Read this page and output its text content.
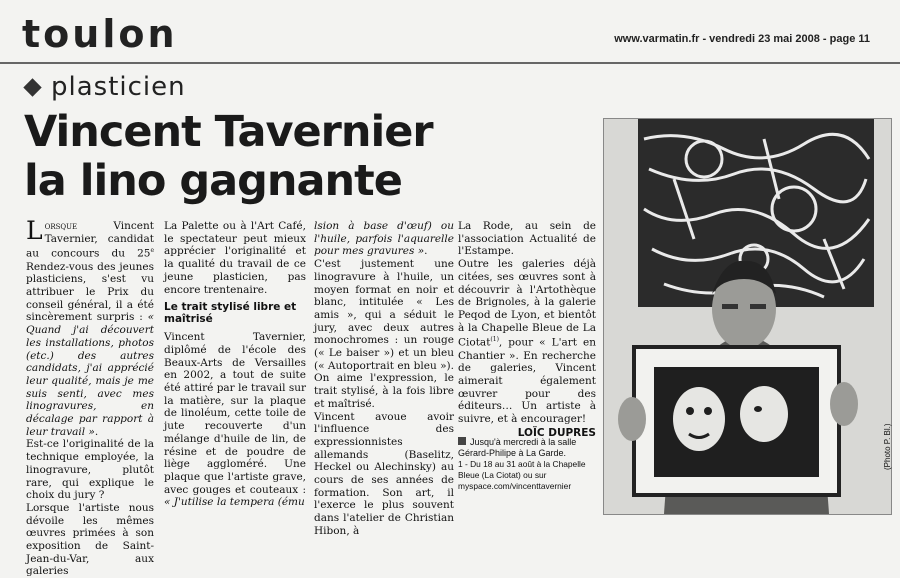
toulon	www.varmatin.fr - vendredi 23 mai 2008 - page 11
plasticien
Vincent Tavernier
la lino gagnante

Lorsque Vincent Tavernier, candidat au concours du 25e Rendez-vous des jeunes plasticiens, s'est vu attribuer le Prix du conseil général, il a été sincèrement surpris : « Quand j'ai découvert les installations, photos (etc.) des autres candidats, j'ai apprécié leur qualité, mais je me suis senti, avec mes linogravures, en décalage par rapport à leur travail ».

Est-ce l'originalité de la technique employée, la linogravure, plutôt rare, qui explique le choix du jury ?

Lorsque l'artiste nous dévoile les mêmes œuvres primées à son exposition de Saint-Jean-du-Var, aux galeries

La Palette ou à l'Art Café, le spectateur peut mieux apprécier l'originalité et la qualité du travail de ce jeune plasticien, pas encore trentenaire.

Le trait stylisé libre et maîtrisé

Vincent Tavernier, diplômé de l'école des Beaux-Arts de Versailles en 2002, a tout de suite été attiré par le travail sur la matière, sur la plaque de linoléum, cette toile de jute recouverte d'un mélange d'huile de lin, de résine et de poudre de liège aggloméré. Une plaque que l'artiste grave, avec gouges et couteaux : « J'utilise la tempera (ému

lsion à base d'œuf) ou l'huile, parfois l'aquarelle pour mes gravures ».

C'est justement une linogravure à l'huile, un moyen format en noir et blanc, intitulée « Les amis », qui a séduit le jury, avec deux autres monochromes : un rouge (« Le baiser ») et un bleu (« Autoportrait en bleu »). On aime l'expression, le trait stylisé, à la fois libre et maîtrisé.

Vincent avoue avoir l'influence des expressionnistes allemands (Baselitz, Heckel ou Alechinsky) au cours de ses années de formation. Son art, il l'exerce le plus souvent dans l'atelier de Christian Hibon, à

La Rode, au sein de l'association Actualité de l'Estampe.

Outre les galeries déjà citées, ses œuvres sont à découvrir à l'Artothèque de Brignoles, à la galerie Peqod de Lyon, et bientôt à la Chapelle Bleue de La Ciotat$^{(1)}$, pour « L'art en Chantier ». En recherche de galeries, Vincent aimerait également œuvrer pour des éditeurs… Un artiste à suivre, et à encourager!

LOÏC DUPRES
Jusqu'à mercredi à la salle Gérard-Philipe à La Garde.
1 - Du 18 au 31 août à la Chapelle Bleue (La Ciotat) ou sur myspace.com/vincenttavernier
(Photo P. Bl.)
